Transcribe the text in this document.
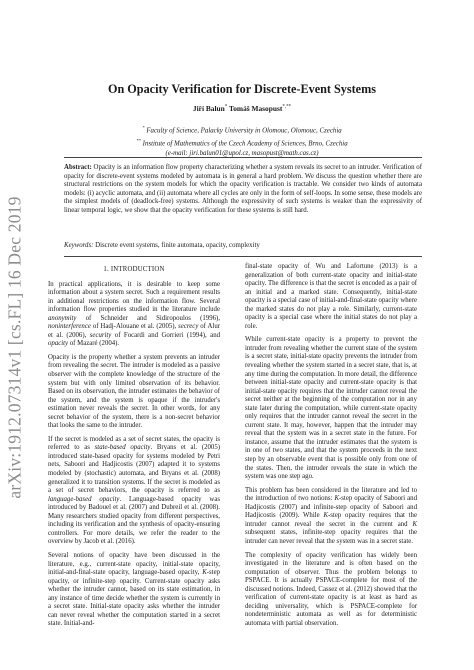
arXiv:1912.07314v1 [cs.FL] 16 Dec 2019
On Opacity Verification for Discrete-Event Systems
Jiří Balun* Tomáš Masopust*,**
* Faculty of Science, Palacky University in Olomouc, Olomouc, Czechia
** Institute of Mathematics of the Czech Academy of Sciences, Brno, Czechia
(e-mail: jiri.balun01@upol.cz, masopust@math.cas.cz)
Abstract: Opacity is an information flow property characterizing whether a system reveals its secret to an intruder. Verification of opacity for discrete-event systems modeled by automata is in general a hard problem. We discuss the question whether there are structural restrictions on the system models for which the opacity verification is tractable. We consider two kinds of automata models: (i) acyclic automata, and (ii) automata where all cycles are only in the form of self-loops. In some sense, these models are the simplest models of (deadlock-free) systems. Although the expressivity of such systems is weaker than the expressivity of linear temporal logic, we show that the opacity verification for these systems is still hard.
Keywords: Discrete event systems, finite automata, opacity, complexity
1. INTRODUCTION

In practical applications, it is desirable to keep some information about a system secret. Such a requirement results in additional restrictions on the information flow. Several information flow properties studied in the literature include anonymity of Schneider and Sidiropoulos (1996), noninterference of Hadj-Alouane et al. (2005), secrecy of Alur et al. (2006), security of Focardi and Gorrieri (1994), and opacity of Mazaré (2004).

Opacity is the property whether a system prevents an intruder from revealing the secret. The intruder is modeled as a passive observer with the complete knowledge of the structure of the system but with only limited observation of its behavior. Based on its observation, the intruder estimates the behavior of the system, and the system is opaque if the intruder's estimation never reveals the secret. In other words, for any secret behavior of the system, there is a non-secret behavior that looks the same to the intruder.

If the secret is modeled as a set of secret states, the opacity is referred to as state-based opacity. Bryans et al. (2005) introduced state-based opacity for systems modeled by Petri nets, Saboori and Hadjicostis (2007) adapted it to systems modeled by (stochastic) automata, and Bryans et al. (2008) generalized it to transition systems. If the secret is modeled as a set of secret behaviors, the opacity is referred to as language-based opacity. Language-based opacity was introduced by Badouel et al. (2007) and Dubreil et al. (2008). Many researchers studied opacity from different perspectives, including its verification and the synthesis of opacity-ensuring controllers. For more details, we refer the reader to the overview by Jacob et al. (2016).

Several notions of opacity have been discussed in the literature, e.g., current-state opacity, initial-state opacity, initial-and-final-state opacity, language-based opacity, K-step opacity, or infinite-step opacity. Current-state opacity asks whether the intruder cannot, based on its state estimation, in any instance of time decide whether the system is currently in a secret state. Initial-state opacity asks whether the intruder can never reveal whether the computation started in a secret state. Initial-and-

final-state opacity of Wu and Lafortune (2013) is a generalization of both current-state opacity and initial-state opacity. The difference is that the secret is encoded as a pair of an initial and a marked state. Consequently, initial-state opacity is a special case of initial-and-final-state opacity where the marked states do not play a role. Similarly, current-state opacity is a special case where the initial states do not play a role.

While current-state opacity is a property to prevent the intruder from revealing whether the current state of the system is a secret state, initial-state opacity prevents the intruder from revealing whether the system started in a secret state, that is, at any time during the computation. In more detail, the difference between initial-state opacity and current-state opacity is that initial-state opacity requires that the intruder cannot reveal the secret neither at the beginning of the computation nor in any state later during the computation, while current-state opacity only requires that the intruder cannot reveal the secret in the current state. It may, however, happen that the intruder may reveal that the system was in a secret state in the future. For instance, assume that the intruder estimates that the system is in one of two states, and that the system proceeds in the next step by an observable event that is possible only from one of the states. Then, the intruder reveals the state in which the system was one step ago.

This problem has been considered in the literature and led to the introduction of two notions: K-step opacity of Saboori and Hadjicostis (2007) and infinite-step opacity of Saboori and Hadjicostis (2009). While K-step opacity requires that the intruder cannot reveal the secret in the current and K subsequent states, infinite-step opacity requires that the intruder can never reveal that the system was in a secret state.

The complexity of opacity verification has widely been investigated in the literature and is often based on the computation of observer. Thus the problem belongs to PSPACE. It is actually PSPACE-complete for most of the discussed notions. Indeed, Cassez et al. (2012) showed that the verification of current-state opacity is at least as hard as deciding universality, which is PSPACE-complete for nondeterministic automata as well as for deterministic automata with partial observation.
